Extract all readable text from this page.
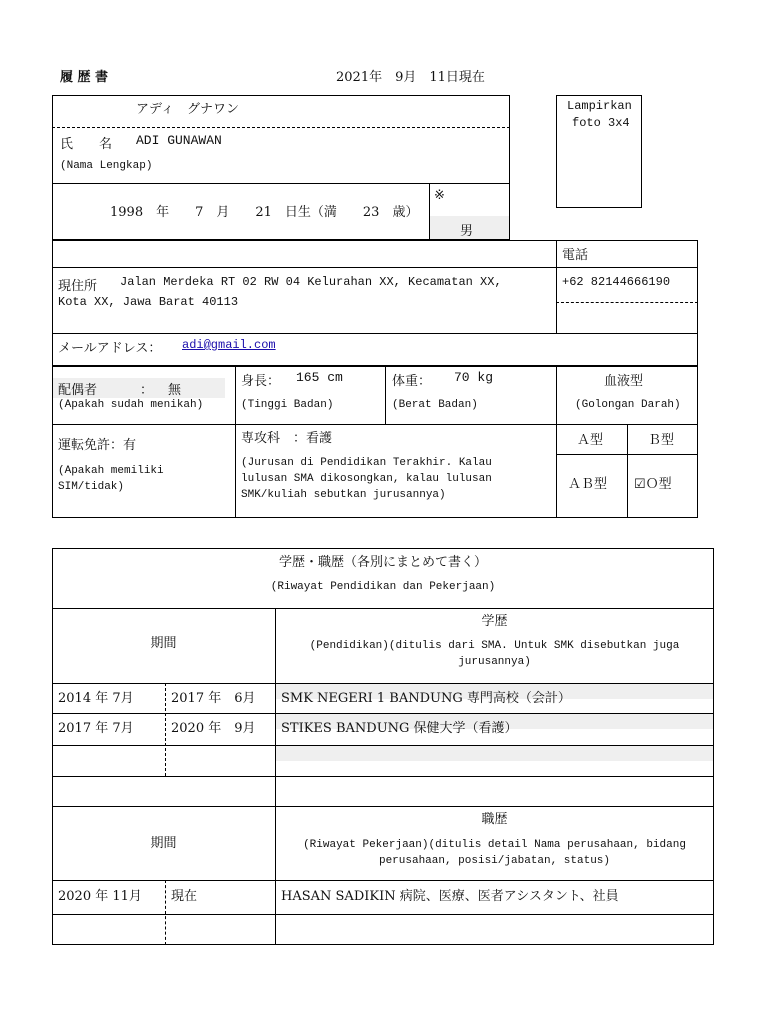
履 歴 書	2021年　9月　11日現在
アディ　グナワン
氏　　名 ADI GUNAWAN
(Nama Lengkap)
1998　年　　7　月　　21　日生（満　　23　歳）
※
男
Lampirkan
foto 3x4
電話
現住所 Jalan Merdeka RT 02 RW 04 Kelurahan XX, Kecamatan XX,
Kota XX, Jawa Barat 40113
+62 82144666190
メールアドレス： adi@gmail.com
配偶者	： 無
(Apakah sudah menikah)
身長： 165 cm
(Tinggi Badan)
体重： 70 kg
(Berat Badan)
血液型
(Golongan Darah)
運転免許：有
(Apakah memiliki
SIM/tidak)
専攻科　：看護
(Jurusan di Pendidikan Terakhir. Kalau
lulusan SMA dikosongkan, kalau lulusan
SMK/kuliah sebutkan jurusannya)
Ａ型	Ｂ型
ＡＢ型 ☑Ｏ型
学歴・職歴（各別にまとめて書く）
(Riwayat Pendidikan dan Pekerjaan)
期間
学歴
(Pendidikan)(ditulis dari SMA. Untuk SMK disebutkan juga
jurusannya)
2014 年 7月	2017 年　6月 SMK NEGERI 1 BANDUNG 専門高校（会計）
2017 年 7月	2020 年　9月 STIKES BANDUNG 保健大学（看護）
期間
職歴
(Riwayat Pekerjaan)(ditulis detail Nama perusahaan, bidang
perusahaan, posisi/jabatan, status)
2020 年 11月 現在	HASAN SADIKIN 病院、医療、医者アシスタント、社員
